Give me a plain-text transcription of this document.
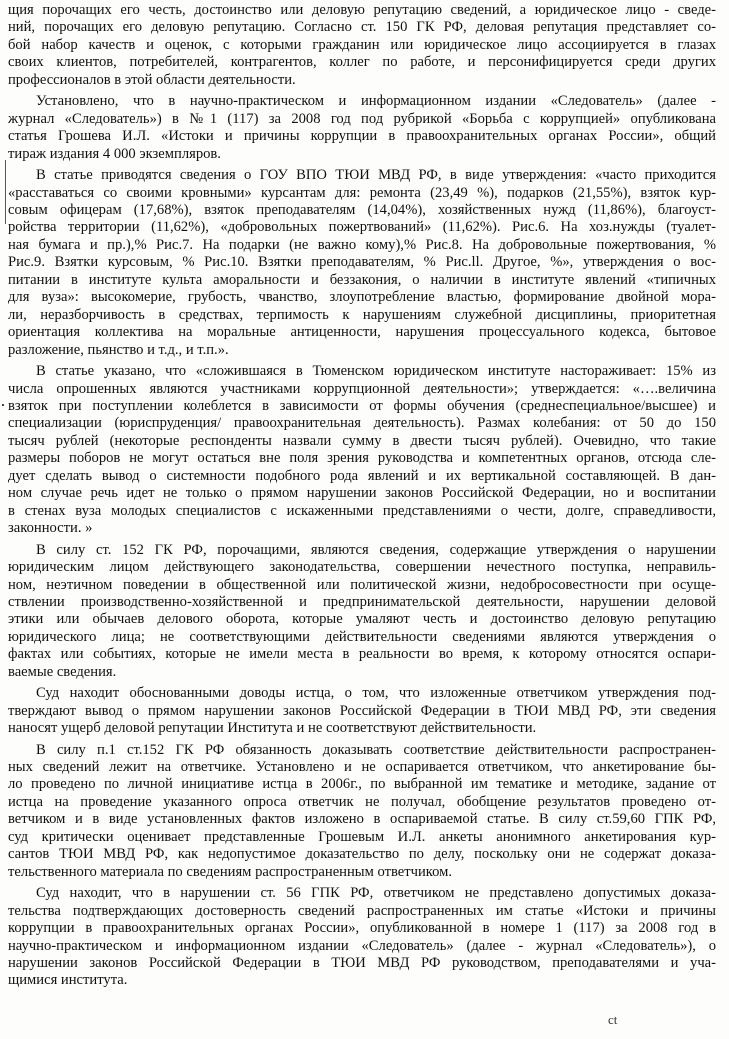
щия порочащих его честь, достоинство или деловую репутацию сведений, а юридическое лицо - сведе-
ний, порочащих его деловую репутацию. Согласно ст. 150 ГК РФ, деловая репутация представляет со-
бой набор качеств и оценок, с которыми гражданин или юридическое лицо ассоциируется в глазах
своих клиентов, потребителей, контрагентов, коллег по работе, и персонифицируется среди других
профессионалов в этой области деятельности.
Установлено, что в научно-практическом и информационном издании «Следователь» (далее -
журнал «Следователь») в №1 (117) за 2008 год под рубрикой «Борьба с коррупцией» опубликована
статья Грошева И.Л. «Истоки и причины коррупции в правоохранительных органах России», общий
тираж издания 4 000 экземпляров.
В статье приводятся сведения о ГОУ ВПО ТЮИ МВД РФ, в виде утверждения: «часто приходится
«расставаться со своими кровными» курсантам для: ремонта (23,49 %), подарков (21,55%), взяток кур-
совым офицерам (17,68%), взяток преподавателям (14,04%), хозяйственных нужд (11,86%), благоуст-
ройства территории (11,62%), «добровольных пожертвований» (11,62%). Рис.6. На хоз.нужды (туалет-
ная бумага и пр.),% Рис.7. На подарки (не важно кому),% Рис.8. На добровольные пожертвования, %
Рис.9. Взятки курсовым, % Рис.10. Взятки преподавателям, % Рис.ll. Другое, %», утверждения о вос-
питании в институте культа аморальности и беззакония, о наличии в институте явлений «типичных
для вуза»: высокомерие, грубость, чванство, злоупотребление властью, формирование двойной мора-
ли, неразборчивость в средствах, терпимость к нарушениям служебной дисциплины, приоритетная
ориентация коллектива на моральные антиценности, нарушения процессуального кодекса, бытовое
разложение, пьянство и т.д., и т.п.».
В статье указано, что «сложившаяся в Тюменском юридическом институте настораживает: 15% из
числа опрошенных являются участниками коррупционной деятельности»; утверждается: «….величина
взяток при поступлении колеблется в зависимости от формы обучения (среднеспециальное/высшее) и
специализации (юриспруденция/ правоохранительная деятельность). Размах колебания: от 50 до 150
тысяч рублей (некоторые респонденты назвали сумму в двести тысяч рублей). Очевидно, что такие
размеры поборов не могут остаться вне поля зрения руководства и компетентных органов, отсюда сле-
дует сделать вывод о системности подобного рода явлений и их вертикальной составляющей. В дан-
ном случае речь идет не только о прямом нарушении законов Российской Федерации, но и воспитании
в стенах вуза молодых специалистов с искаженными представлениями о чести, долге, справедливости,
законности. »
В силу ст. 152 ГК РФ, порочащими, являются сведения, содержащие утверждения о нарушении
юридическим лицом действующего законодательства, совершении нечестного поступка, неправиль-
ном, неэтичном поведении в общественной или политической жизни, недобросовестности при осуще-
ствлении производственно-хозяйственной и предпринимательской деятельности, нарушении деловой
этики или обычаев делового оборота, которые умаляют честь и достоинство деловую репутацию
юридического лица; не соответствующими действительности сведениями являются утверждения о
фактах или событиях, которые не имели места в реальности во время, к которому относятся оспари-
ваемые сведения.
Суд находит обоснованными доводы истца, о том, что изложенные ответчиком утверждения под-
тверждают вывод о прямом нарушении законов Российской Федерации в ТЮИ МВД РФ, эти сведения
наносят ущерб деловой репутации Института и не соответствуют действительности.
В силу п.1 ст.152 ГК РФ обязанность доказывать соответствие действительности распространен-
ных сведений лежит на ответчике. Установлено и не оспаривается ответчиком, что анкетирование бы-
ло проведено по личной инициативе истца в 2006г., по выбранной им тематике и методике, задание от
истца на проведение указанного опроса ответчик не получал, обобщение результатов проведено от-
ветчиком и в виде установленных фактов изложено в оспариваемой статье. В силу ст.59,60 ГПК РФ,
суд критически оценивает представленные Грошевым И.Л. анкеты анонимного анкетирования кур-
сантов ТЮИ МВД РФ, как недопустимое доказательство по делу, поскольку они не содержат доказа-
тельственного материала по сведениям распространенным ответчиком.
Суд находит, что в нарушении ст. 56 ГПК РФ, ответчиком не представлено допустимых доказа-
тельства подтверждающих достоверность сведений распространенных им статье «Истоки и причины
коррупции в правоохранительных органах России», опубликованной в номере 1 (117) за 2008 год в
научно-практическом и информационном издании «Следователь» (далее - журнал «Следователь»), о
нарушении законов Российской Федерации в ТЮИ МВД РФ руководством, преподавателями и уча-
щимися института.
ct
